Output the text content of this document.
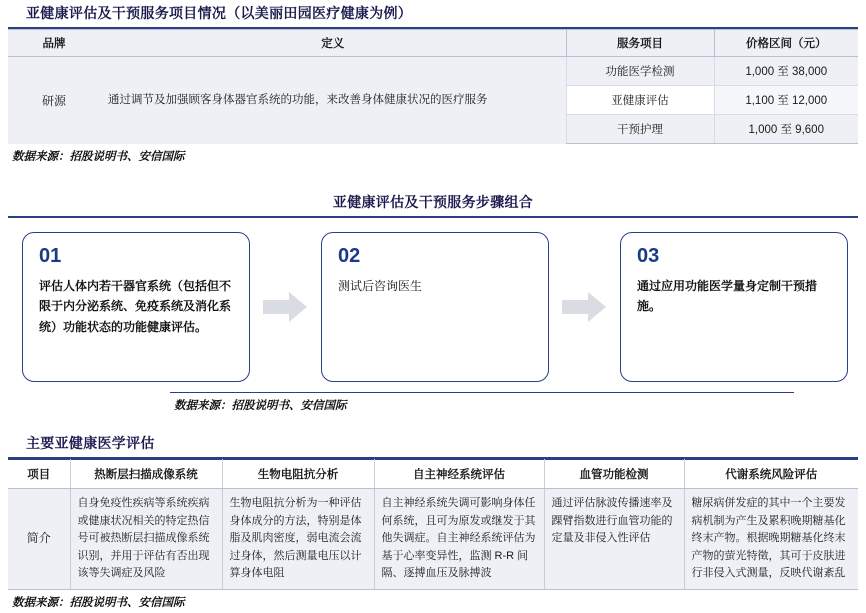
亚健康评估及干预服务项目情况（以美丽田园医疗健康为例）
品牌	定义	服务项目	价格区间（元）
研源	通过调节及加强顾客身体器官系统的功能，来改善身体健康状况的医疗服务	功能医学检测	1,000 至 38,000
		亚健康评估	1,100 至 12,000
		干预护理	1,000 至 9,600
数据来源：招股说明书、安信国际
亚健康评估及干预服务步骤组合
01
评估人体内若干器官系统（包括但不限于内分泌系统、免疫系统及消化系统）功能状态的功能健康评估。
02
测试后咨询医生
03
通过应用功能医学量身定制干预措施。
数据来源：招股说明书、安信国际
主要亚健康医学评估
项目	热断层扫描成像系统	生物电阻抗分析	自主神经系统评估	血管功能检测	代谢系统风险评估
简介	自身免疫性疾病等系统疾病或健康状况相关的特定热信号可被热断层扫描成像系统识别，并用于评估有否出现该等失调症及风险	生物电阻抗分析为一种评估身体成分的方法，特别是体脂及肌肉密度，弱电流会流过身体，然后测量电压以计算身体电阻	自主神经系统失调可影响身体任何系统，且可为原发或继发于其他失调症。自主神经系统评估为基于心率变异性，监测 R-R 间隔、逐搏血压及脉搏波	通过评估脉波传播速率及踝臂指数进行血管功能的定量及非侵入性评估	糖尿病併发症的其中一个主要发病机制为产生及累积晚期糖基化终末产物。根据晚期糖基化终末产物的萤光特徵，其可于皮肤进行非侵入式测量，反映代谢紊乱
数据来源：招股说明书、安信国际
